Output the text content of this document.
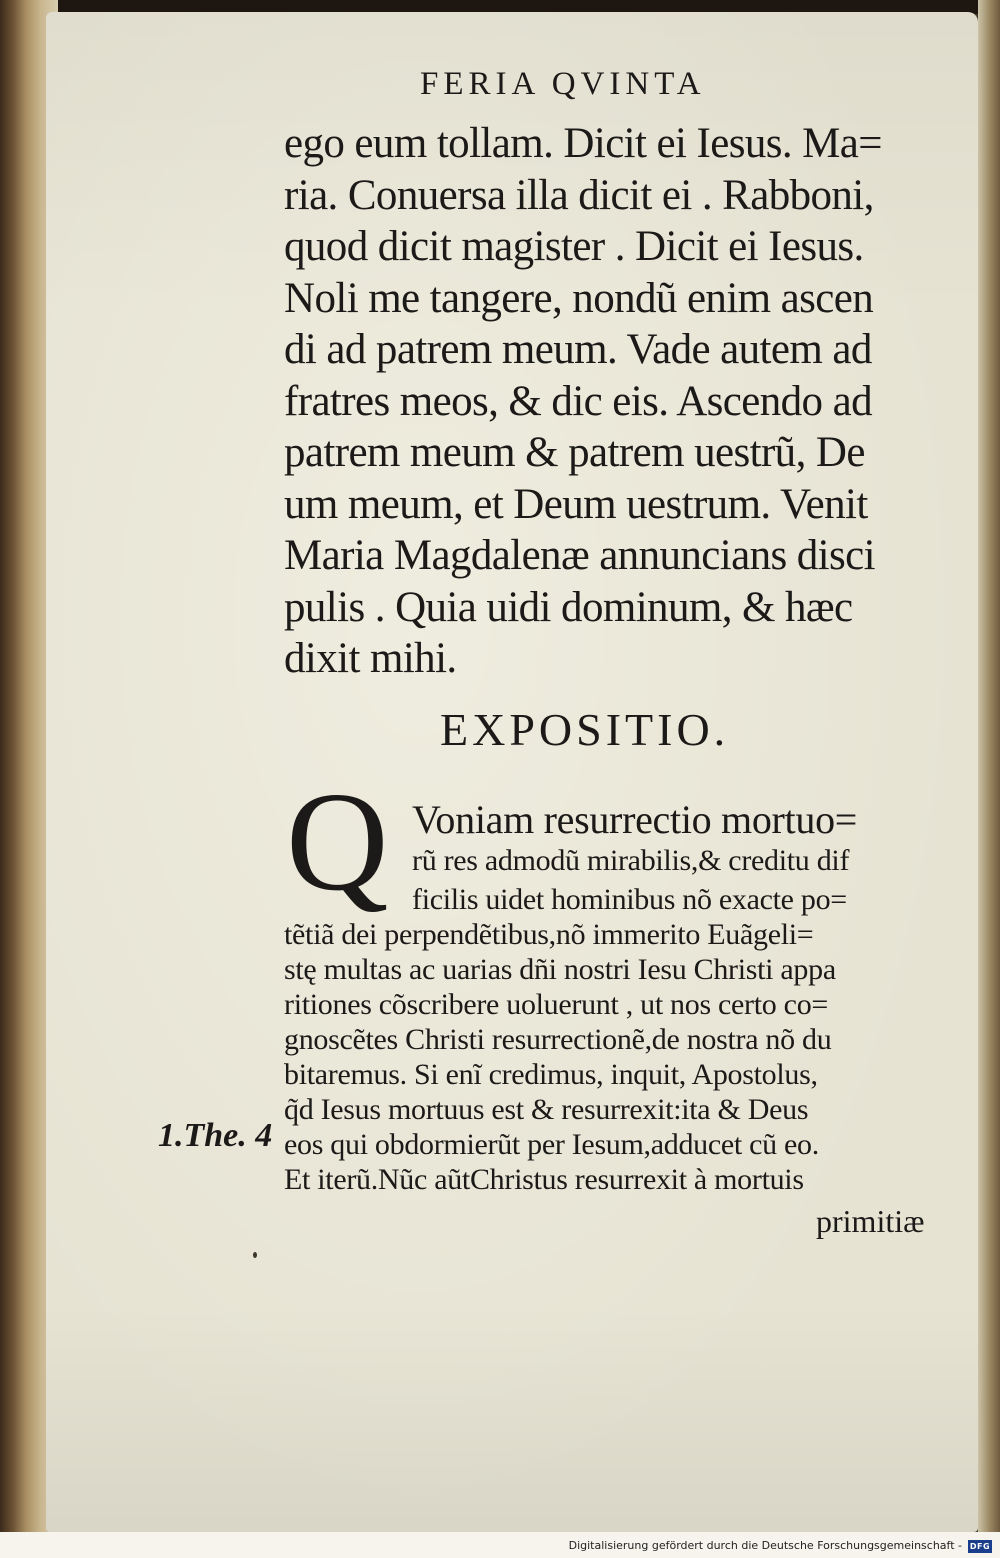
FERIA QVINTA
ego eum tollam. Dicit ei Iesus. Ma=
ria. Conuersa illa dicit ei . Rabboni,
quod dicit magister . Dicit ei Iesus.
Noli me tangere, nondũ enim ascen
di ad patrem meum. Vade autem ad
fratres meos, & dic eis. Ascendo ad
patrem meum & patrem uestrũ, De
um meum, et Deum uestrum. Venit
Maria Magdalenæ annuncians disci
pulis . Quia uidi dominum, & hæc
dixit mihi.
EXPOSITIO.
Q Voniam resurrectio mortuo=
rũ res admodũ mirabilis,& creditu dif
ficilis uidet hominibus nõ exacte po=
tẽtiã dei perpendẽtibus,nõ immerito Euãgeli=
stę multas ac uarias dñi nostri Iesu Christi appa
ritiones cõscribere uoluerunt , ut nos certo co=
gnoscẽtes Christi resurrectionẽ,de nostra nõ du
bitaremus. Si enĩ credimus, inquit, Apostolus,
q̃d Iesus mortuus est & resurrexit:ita & Deus
eos qui obdormierũt per Iesum,adducet cũ eo.
Et iterũ.Nũc aũtChristus resurrexit à mortuis
1.The. 4
primitiæ
Digitalisierung gefördert durch die Deutsche Forschungsgemeinschaft - DFG
